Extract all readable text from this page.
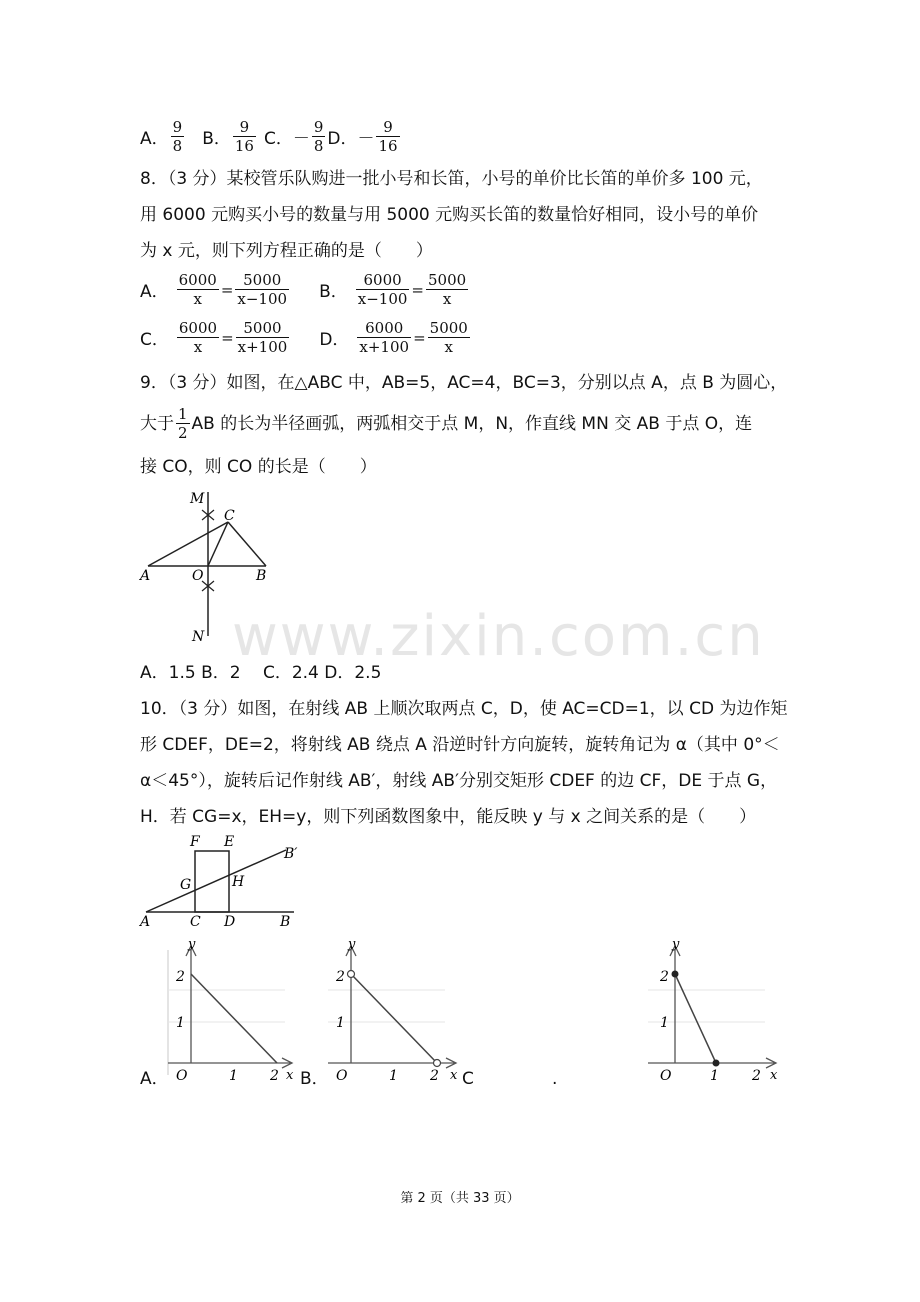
A． $\frac{9}{8}$ B． $\frac{9}{16}$ C． － $\frac{9}{8}$ D． － $\frac{9}{16}$
8．（3 分）某校管乐队购进一批小号和长笛，小号的单价比长笛的单价多 100 元，
用 6000 元购买小号的数量与用 5000 元购买长笛的数量恰好相同，设小号的单价
为 x 元，则下列方程正确的是（　　）
A． $\frac{6000}{x} = \frac{5000}{x-100}$ B． $\frac{6000}{x-100} = \frac{5000}{x}$
C． $\frac{6000}{x} = \frac{5000}{x+100}$ D． $\frac{6000}{x+100} = \frac{5000}{x}$
9．（3 分）如图，在△ABC 中，AB=5，AC=4，BC=3，分别以点 A，点 B 为圆心，
大于 $\frac{1}{2}$ AB 的长为半径画弧，两弧相交于点 M，N，作直线 MN 交 AB 于点 O，连
接 CO，则 CO 的长是（　　）
M
C
A	O	B
N www.zixin.com.cn
A．1.5 B．2　 C．2.4 D．2.5
10．（3 分）如图，在射线 AB 上顺次取两点 C，D，使 AC=CD=1，以 CD 为边作矩
形 CDEF，DE=2，将射线 AB 绕点 A 沿逆时针方向旋转，旋转角记为 α（其中 0°＜
α＜45°），旋转后记作射线 AB′，射线 AB′分别交矩形 CDEF 的边 CF，DE 于点 G，
H．若 CG=x，EH=y，则下列函数图象中，能反映 y 与 x 之间关系的是（　　）
F E
B′
G	H
A	C D	B
y
x
O	1 2
1
2
A．
y
x
O	1 2
1
2
B．	C	.
y
x
O	1 2
1
2
第 2 页（共 33 页）
